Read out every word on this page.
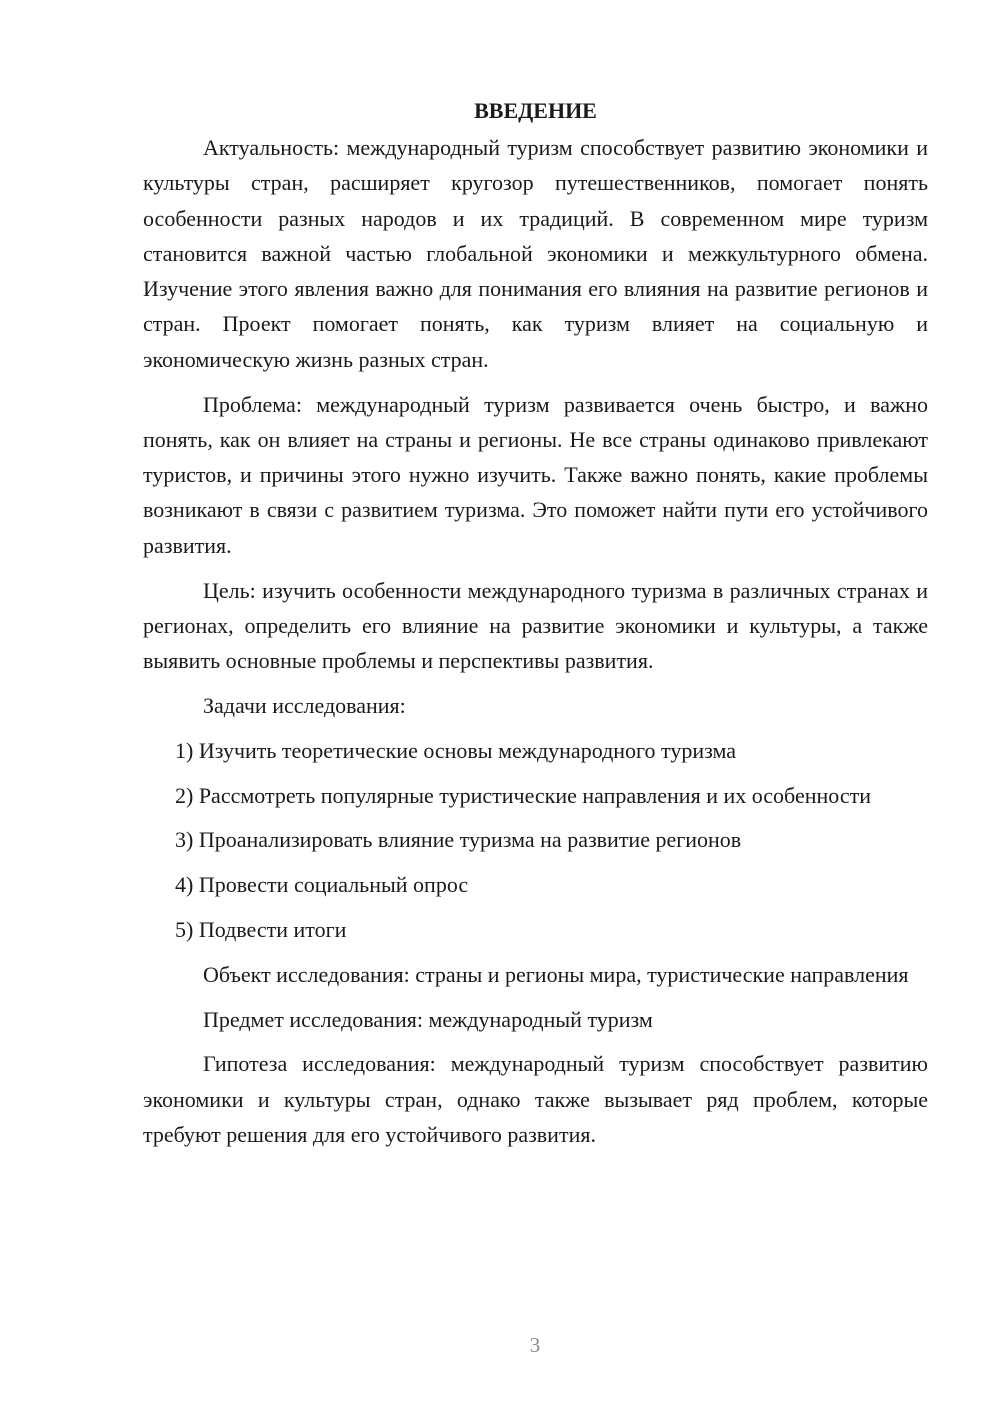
ВВЕДЕНИЕ

Актуальность: международный туризм способствует развитию экономики и культуры стран, расширяет кругозор путешественников, помогает понять особенности разных народов и их традиций. В современном мире туризм становится важной частью глобальной экономики и межкультурного обмена. Изучение этого явления важно для понимания его влияния на развитие регионов и стран. Проект помогает понять, как туризм влияет на социальную и экономическую жизнь разных стран.

Проблема: международный туризм развивается очень быстро, и важно понять, как он влияет на страны и регионы. Не все страны одинаково привлекают туристов, и причины этого нужно изучить. Также важно понять, какие проблемы возникают в связи с развитием туризма. Это поможет найти пути его устойчивого развития.

Цель: изучить особенности международного туризма в различных странах и регионах, определить его влияние на развитие экономики и культуры, а также выявить основные проблемы и перспективы развития.

Задачи исследования:

1) Изучить теоретические основы международного туризма

2) Рассмотреть популярные туристические направления и их особенности

3) Проанализировать влияние туризма на развитие регионов

4) Провести социальный опрос

5) Подвести итоги

Объект исследования: страны и регионы мира, туристические направления

Предмет исследования: международный туризм

Гипотеза исследования: международный туризм способствует развитию экономики и культуры стран, однако также вызывает ряд проблем, которые требуют решения для его устойчивого развития.

3
